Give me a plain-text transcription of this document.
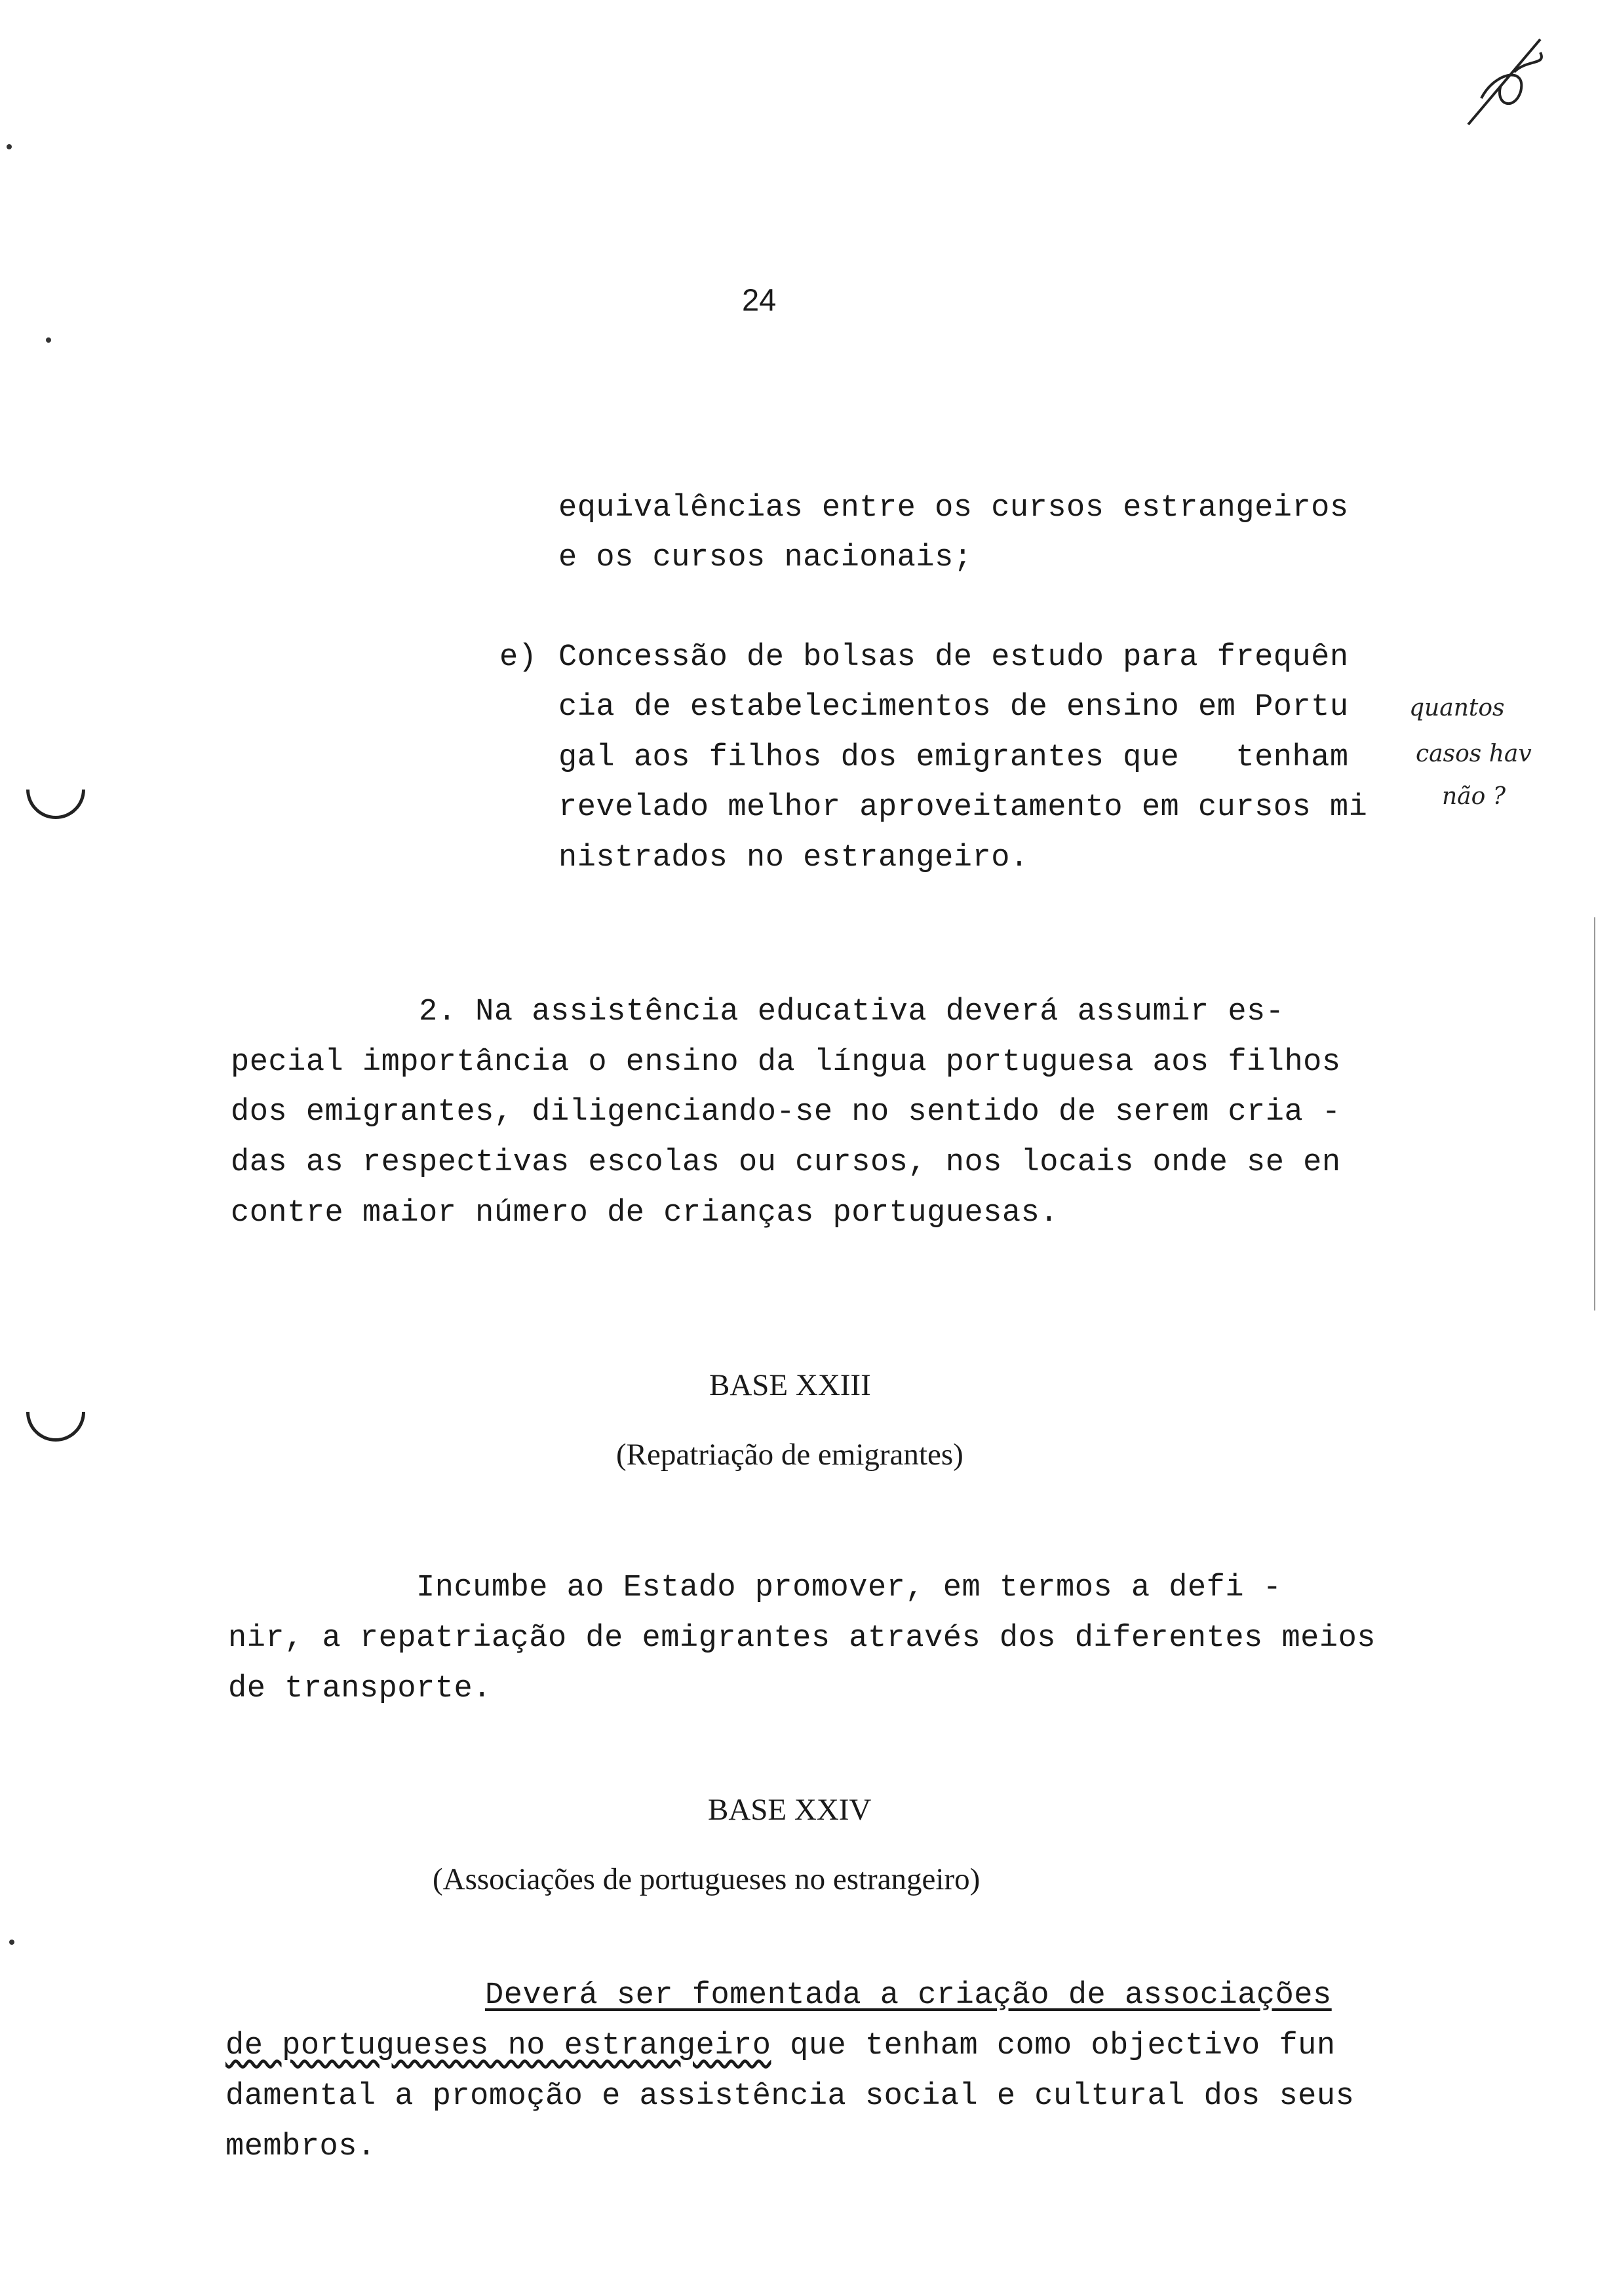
24
equivalências entre os cursos estrangeiros
e os cursos nacionais;
e) Concessão de bolsas de estudo para frequên
cia de estabelecimentos de ensino em Portu
gal aos filhos dos emigrantes que   tenham
revelado melhor aproveitamento em cursos mi
nistrados no estrangeiro.
quantos
casos hav
não ?
2. Na assistência educativa deverá assumir es-
pecial importância o ensino da língua portuguesa aos filhos
dos emigrantes, diligenciando-se no sentido de serem cria -
das as respectivas escolas ou cursos, nos locais onde se en
contre maior número de crianças portuguesas.
BASE XXIII
(Repatriação de emigrantes)
Incumbe ao Estado promover, em termos a defi -
nir, a repatriação de emigrantes através dos diferentes meios
de transporte.
BASE XXIV
(Associações de portugueses no estrangeiro)
Deverá ser fomentada a criação de associações
de portugueses no estrangeiro que tenham como objectivo fun
damental a promoção e assistência social e cultural dos seus
membros.
